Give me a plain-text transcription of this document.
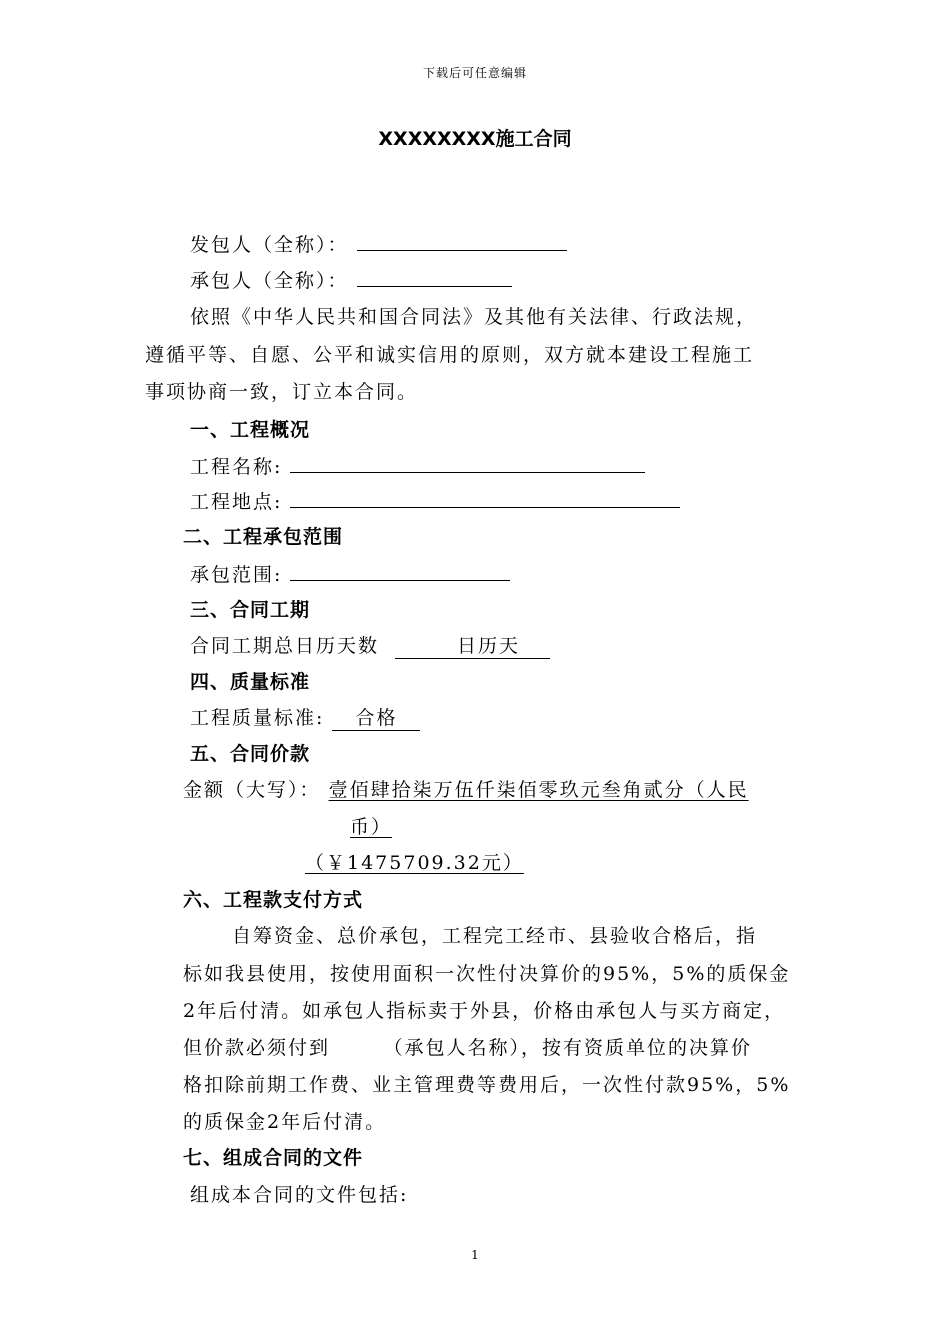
下载后可任意编辑
XXXXXXXX施工合同
发包人（全称）：
承包人（全称）：
依照《中华人民共和国合同法》及其他有关法律、行政法规，
遵循平等、自愿、公平和诚实信用的原则，双方就本建设工程施工
事项协商一致，订立本合同。
一、工程概况
工程名称:
工程地点:
二、工程承包范围
承包范围:
三、合同工期
合同工期总日历天数	日历天
四、质量标准
工程质量标准: 合格
五、合同价款
金额（大写）： 壹佰肆拾柒万伍仟柒佰零玖元叁角贰分（人民
币）
（￥1475709.32元）
六、工程款支付方式
自筹资金、总价承包，工程完工经市、县验收合格后，指
标如我县使用，按使用面积一次性付决算价的95%，5%的质保金
2年后付清。如承包人指标卖于外县，价格由承包人与买方商定，
但价款必须付到　　　（承包人名称），按有资质单位的决算价
格扣除前期工作费、业主管理费等费用后，一次性付款95%，5%
的质保金2年后付清。
七、组成合同的文件
组成本合同的文件包括:
1
